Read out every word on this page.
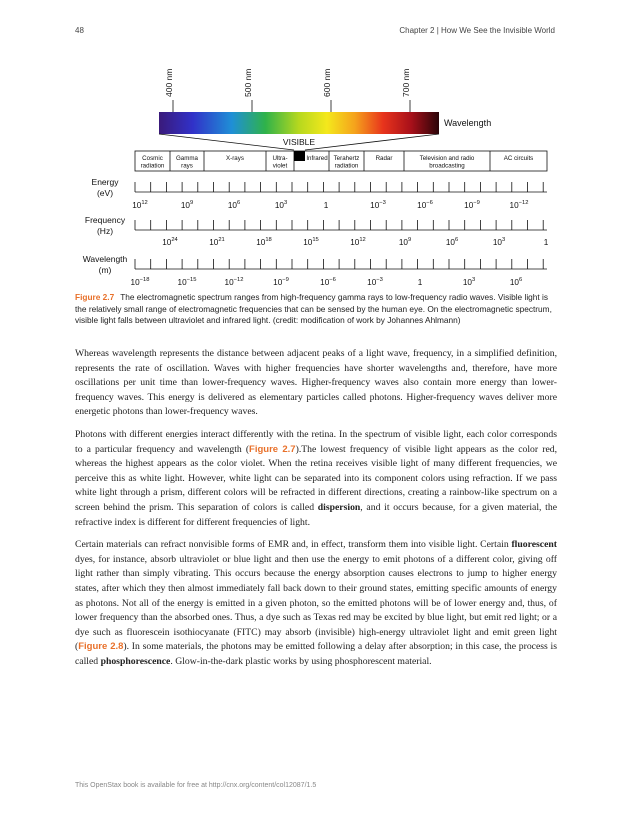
48	Chapter 2 | How We See the Invisible World
400 nm	500 nm	600 nm	700 nm
Wavelength
VISIBLE
Cosmic
radiation
Gamma
rays
X-rays	Ultra-
violet
Infrared Terahertz
radiation
Radar	Television and radio
broadcasting
AC circuits
Energy
(eV)
$10^{12}$	$10^9$	$10^6$	$10^3$	1	$10^{-3}$	$10^{-6}$	$10^{-9}$	$10^{-12}$
Frequency
(Hz)
$10^{24}$	$10^{21}$	$10^{18}$	$10^{15}$	$10^{12}$	$10^9$	$10^6$	$10^3$	1
Wavelength
(m)
$10^{-18}$	$10^{-15}$	$10^{-12}$	$10^{-9}$	$10^{-6}$	$10^{-3}$	1	$10^3$	$10^6$
Figure 2.7 The electromagnetic spectrum ranges from high-frequency gamma rays to low-frequency radio waves. Visible light is the relatively small range of electromagnetic frequencies that can be sensed by the human eye. On the electromagnetic spectrum, visible light falls between ultraviolet and infrared light. (credit: modification of work by Johannes Ahlmann)

Whereas wavelength represents the distance between adjacent peaks of a light wave, frequency, in a simplified definition, represents the rate of oscillation. Waves with higher frequencies have shorter wavelengths and, therefore, have more oscillations per unit time than lower-frequency waves. Higher-frequency waves also contain more energy than lower-frequency waves. This energy is delivered as elementary particles called photons. Higher-frequency waves deliver more energetic photons than lower-frequency waves.

Photons with different energies interact differently with the retina. In the spectrum of visible light, each color corresponds to a particular frequency and wavelength (Figure 2.7).The lowest frequency of visible light appears as the color red, whereas the highest appears as the color violet. When the retina receives visible light of many different frequencies, we perceive this as white light. However, white light can be separated into its component colors using refraction. If we pass white light through a prism, different colors will be refracted in different directions, creating a rainbow-like spectrum on a screen behind the prism. This separation of colors is called dispersion, and it occurs because, for a given material, the refractive index is different for different frequencies of light.

Certain materials can refract nonvisible forms of EMR and, in effect, transform them into visible light. Certain fluorescent dyes, for instance, absorb ultraviolet or blue light and then use the energy to emit photons of a different color, giving off light rather than simply vibrating. This occurs because the energy absorption causes electrons to jump to higher energy states, after which they then almost immediately fall back down to their ground states, emitting specific amounts of energy as photons. Not all of the energy is emitted in a given photon, so the emitted photons will be of lower energy and, thus, of lower frequency than the absorbed ones. Thus, a dye such as Texas red may be excited by blue light, but emit red light; or a dye such as fluorescein isothiocyanate (FITC) may absorb (invisible) high-energy ultraviolet light and emit green light (Figure 2.8). In some materials, the photons may be emitted following a delay after absorption; in this case, the process is called phosphorescence. Glow-in-the-dark plastic works by using phosphorescent material.

This OpenStax book is available for free at http://cnx.org/content/col12087/1.5
